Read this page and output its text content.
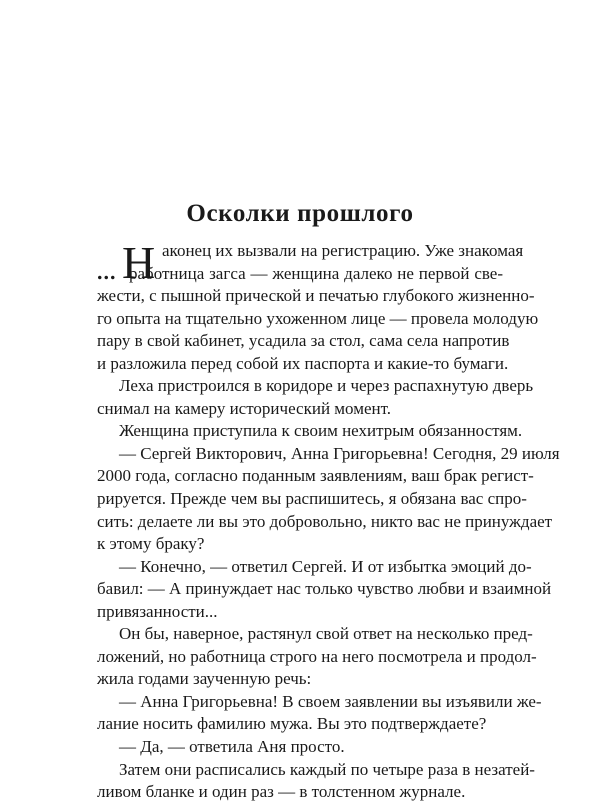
Осколки прошлого
... Н аконец их вызвали на регистрацию. Уже знакомая
работница загса — женщина далеко не первой све-
жести, с пышной прической и печатью глубокого жизненно-
го опыта на тщательно ухоженном лице — провела молодую
пару в свой кабинет, усадила за стол, сама села напротив
и разложила перед собой их паспорта и какие-то бумаги.
Леха пристроился в коридоре и через распахнутую дверь
снимал на камеру исторический момент.
Женщина приступила к своим нехитрым обязанностям.
— Сергей Викторович, Анна Григорьевна! Сегодня, 29 июля
2000 года, согласно поданным заявлениям, ваш брак регист-
рируется. Прежде чем вы распишитесь, я обязана вас спро-
сить: делаете ли вы это добровольно, никто вас не принуждает
к этому браку?
— Конечно, — ответил Сергей. И от избытка эмоций до-
бавил: — А принуждает нас только чувство любви и взаимной
привязанности...
Он бы, наверное, растянул свой ответ на несколько пред-
ложений, но работница строго на него посмотрела и продол-
жила годами заученную речь:
— Анна Григорьевна! В своем заявлении вы изъявили же-
лание носить фамилию мужа. Вы это подтверждаете?
— Да, — ответила Аня просто.
Затем они расписались каждый по четыре раза в незатей-
ливом бланке и один раз — в толстенном журнале.
